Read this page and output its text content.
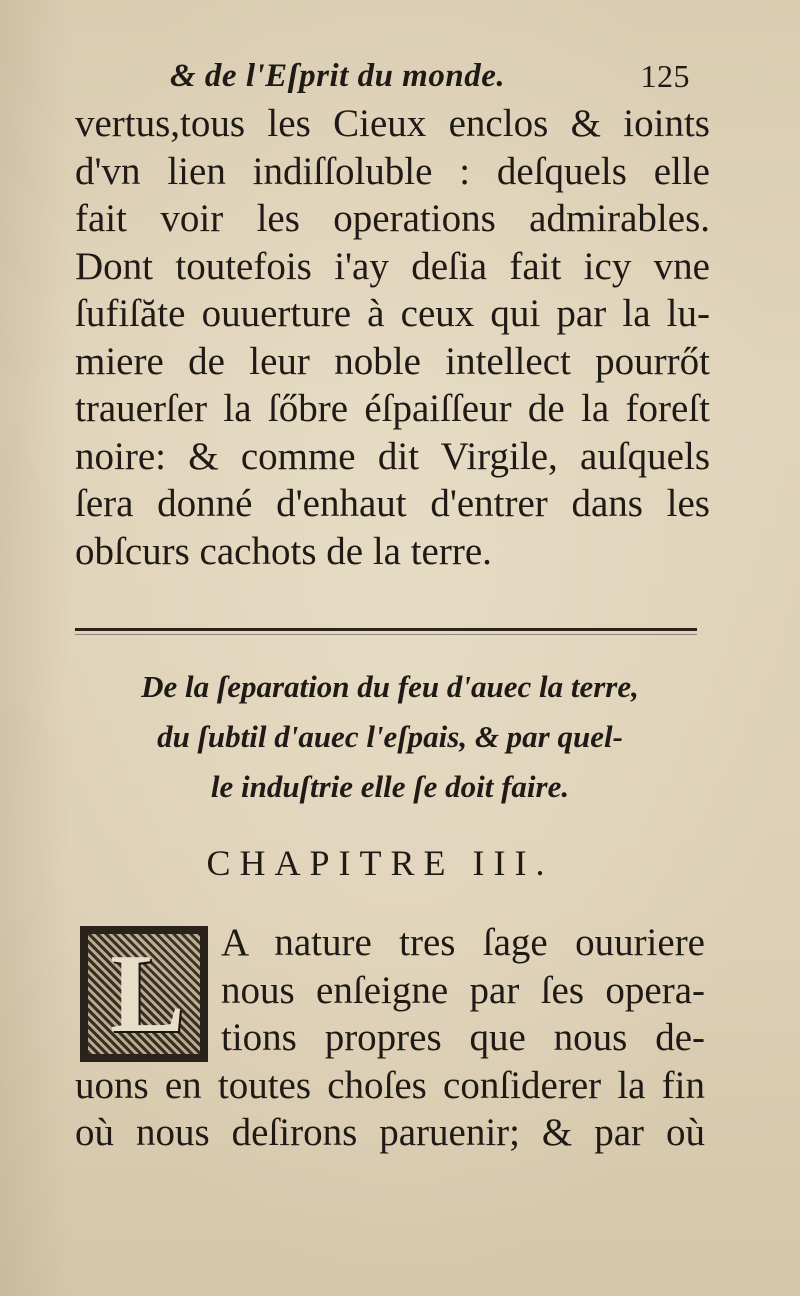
& de l'Eſprit du monde.	125
vertus,tous les Cieux enclos & ioints
d'vn lien indiſſoluble : deſquels elle
fait voir les operations admirables.
Dont toutefois i'ay deſia fait icy vne
ſufiſăte ouuerture à ceux qui par la lu-
miere de leur noble intellect pourrőt
trauerſer la ſőbre éſpaiſſeur de la foreſt
noire: & comme dit Virgile, auſquels
ſera donné d'enhaut d'entrer dans les
obſcurs cachots de la terre.
De la ſeparation du feu d'auec la terre,
du ſubtil d'auec l'eſpais, & par quel-
le induſtrie elle ſe doit faire.
CHAPITRE III.
L A nature tres ſage ouuriere
nous enſeigne par ſes opera-
tions propres que nous de-
uons en toutes choſes conſiderer la fin
où nous deſirons paruenir; & par où
